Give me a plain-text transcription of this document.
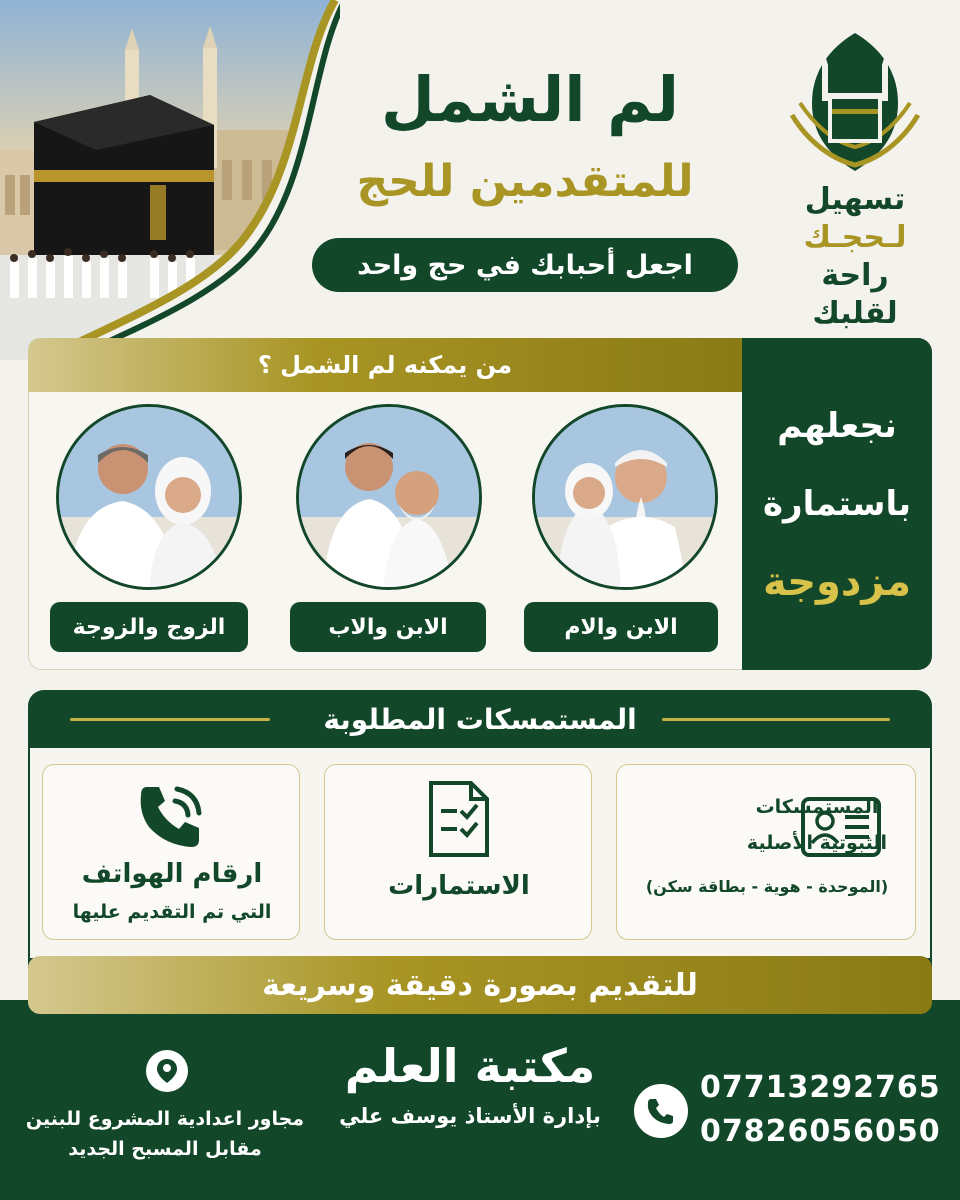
تسهيل
لـحجـك
راحة لقلبك
لم الشمل
للمتقدمين للحج
اجعل أحبابك في حج واحد
من يمكنه لم الشمل ؟
نجعلهم
باستمارة
مزدوجة
الابن والام
الابن والاب
الزوج والزوجة
المستمسكات المطلوبة
المستمسكات
الثبوتية الأصلية
(الموحدة - هوية - بطاقة سكن)
الاستمارات
ارقام الهواتف
التي تم التقديم عليها
للتقديم بصورة دقيقة وسريعة
مكتبة العلم
بإدارة الأستاذ يوسف علي
07713292765
07826056050
مجاور اعدادية المشروع للبنين
مقابل المسبح الجديد
